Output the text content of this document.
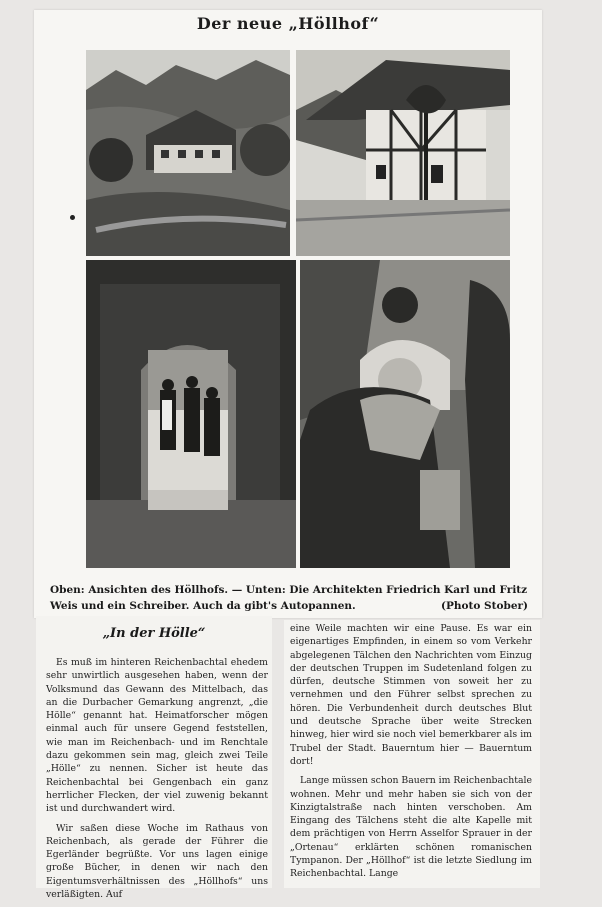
Der neue „Höllhof“
Oben: Ansichten des Höllhofs. — Unten: Die Architekten Friedrich Karl und Fritz
(Photo Stober)
Weis und ein Schreiber. Auch da gibt's Autopannen.
„In der Hölle“

Es muß im hinteren Reichenbachtal ehedem sehr unwirtlich ausgesehen haben, wenn der Volksmund das Gewann des Mittelbach, das an die Durbacher Gemarkung angrenzt, „die Hölle“ genannt hat. Heimatforscher mögen einmal auch für unsere Gegend feststellen, wie man im Reichenbach- und im Renchtale dazu gekommen sein mag, gleich zwei Teile „Hölle“ zu nennen. Sicher ist heute das Reichenbachtal bei Gengenbach ein ganz herrlicher Flecken, der viel zuwenig bekannt ist und durchwandert wird.

Wir saßen diese Woche im Rathaus von Reichenbach, als gerade der Führer die Egerländer begrüßte. Vor uns lagen einige große Bücher, in denen wir nach den Eigentumsverhältnissen des „Höllhofs“ uns verläßigten. Auf

eine Weile machten wir eine Pause. Es war ein eigenartiges Empfinden, in einem so vom Verkehr abgelegenen Tälchen den Nachrichten vom Einzug der deutschen Truppen im Sudetenland folgen zu dürfen, deutsche Stimmen von soweit her zu vernehmen und den Führer selbst sprechen zu hören. Die Verbundenheit durch deutsches Blut und deutsche Sprache über weite Strecken hinweg, hier wird sie noch viel bemerkbarer als im Trubel der Stadt. Bauerntum hier — Bauerntum dort!

Lange müssen schon Bauern im Reichenbachtale wohnen. Mehr und mehr haben sie sich von der Kinzigtalstraße nach hinten verschoben. Am Eingang des Tälchens steht die alte Kapelle mit dem prächtigen von Herrn Asselfor Sprauer in der „Ortenau“ erklärten schönen romanischen Tympanon. Der „Höllhof“ ist die letzte Siedlung im Reichenbachtal. Lange
